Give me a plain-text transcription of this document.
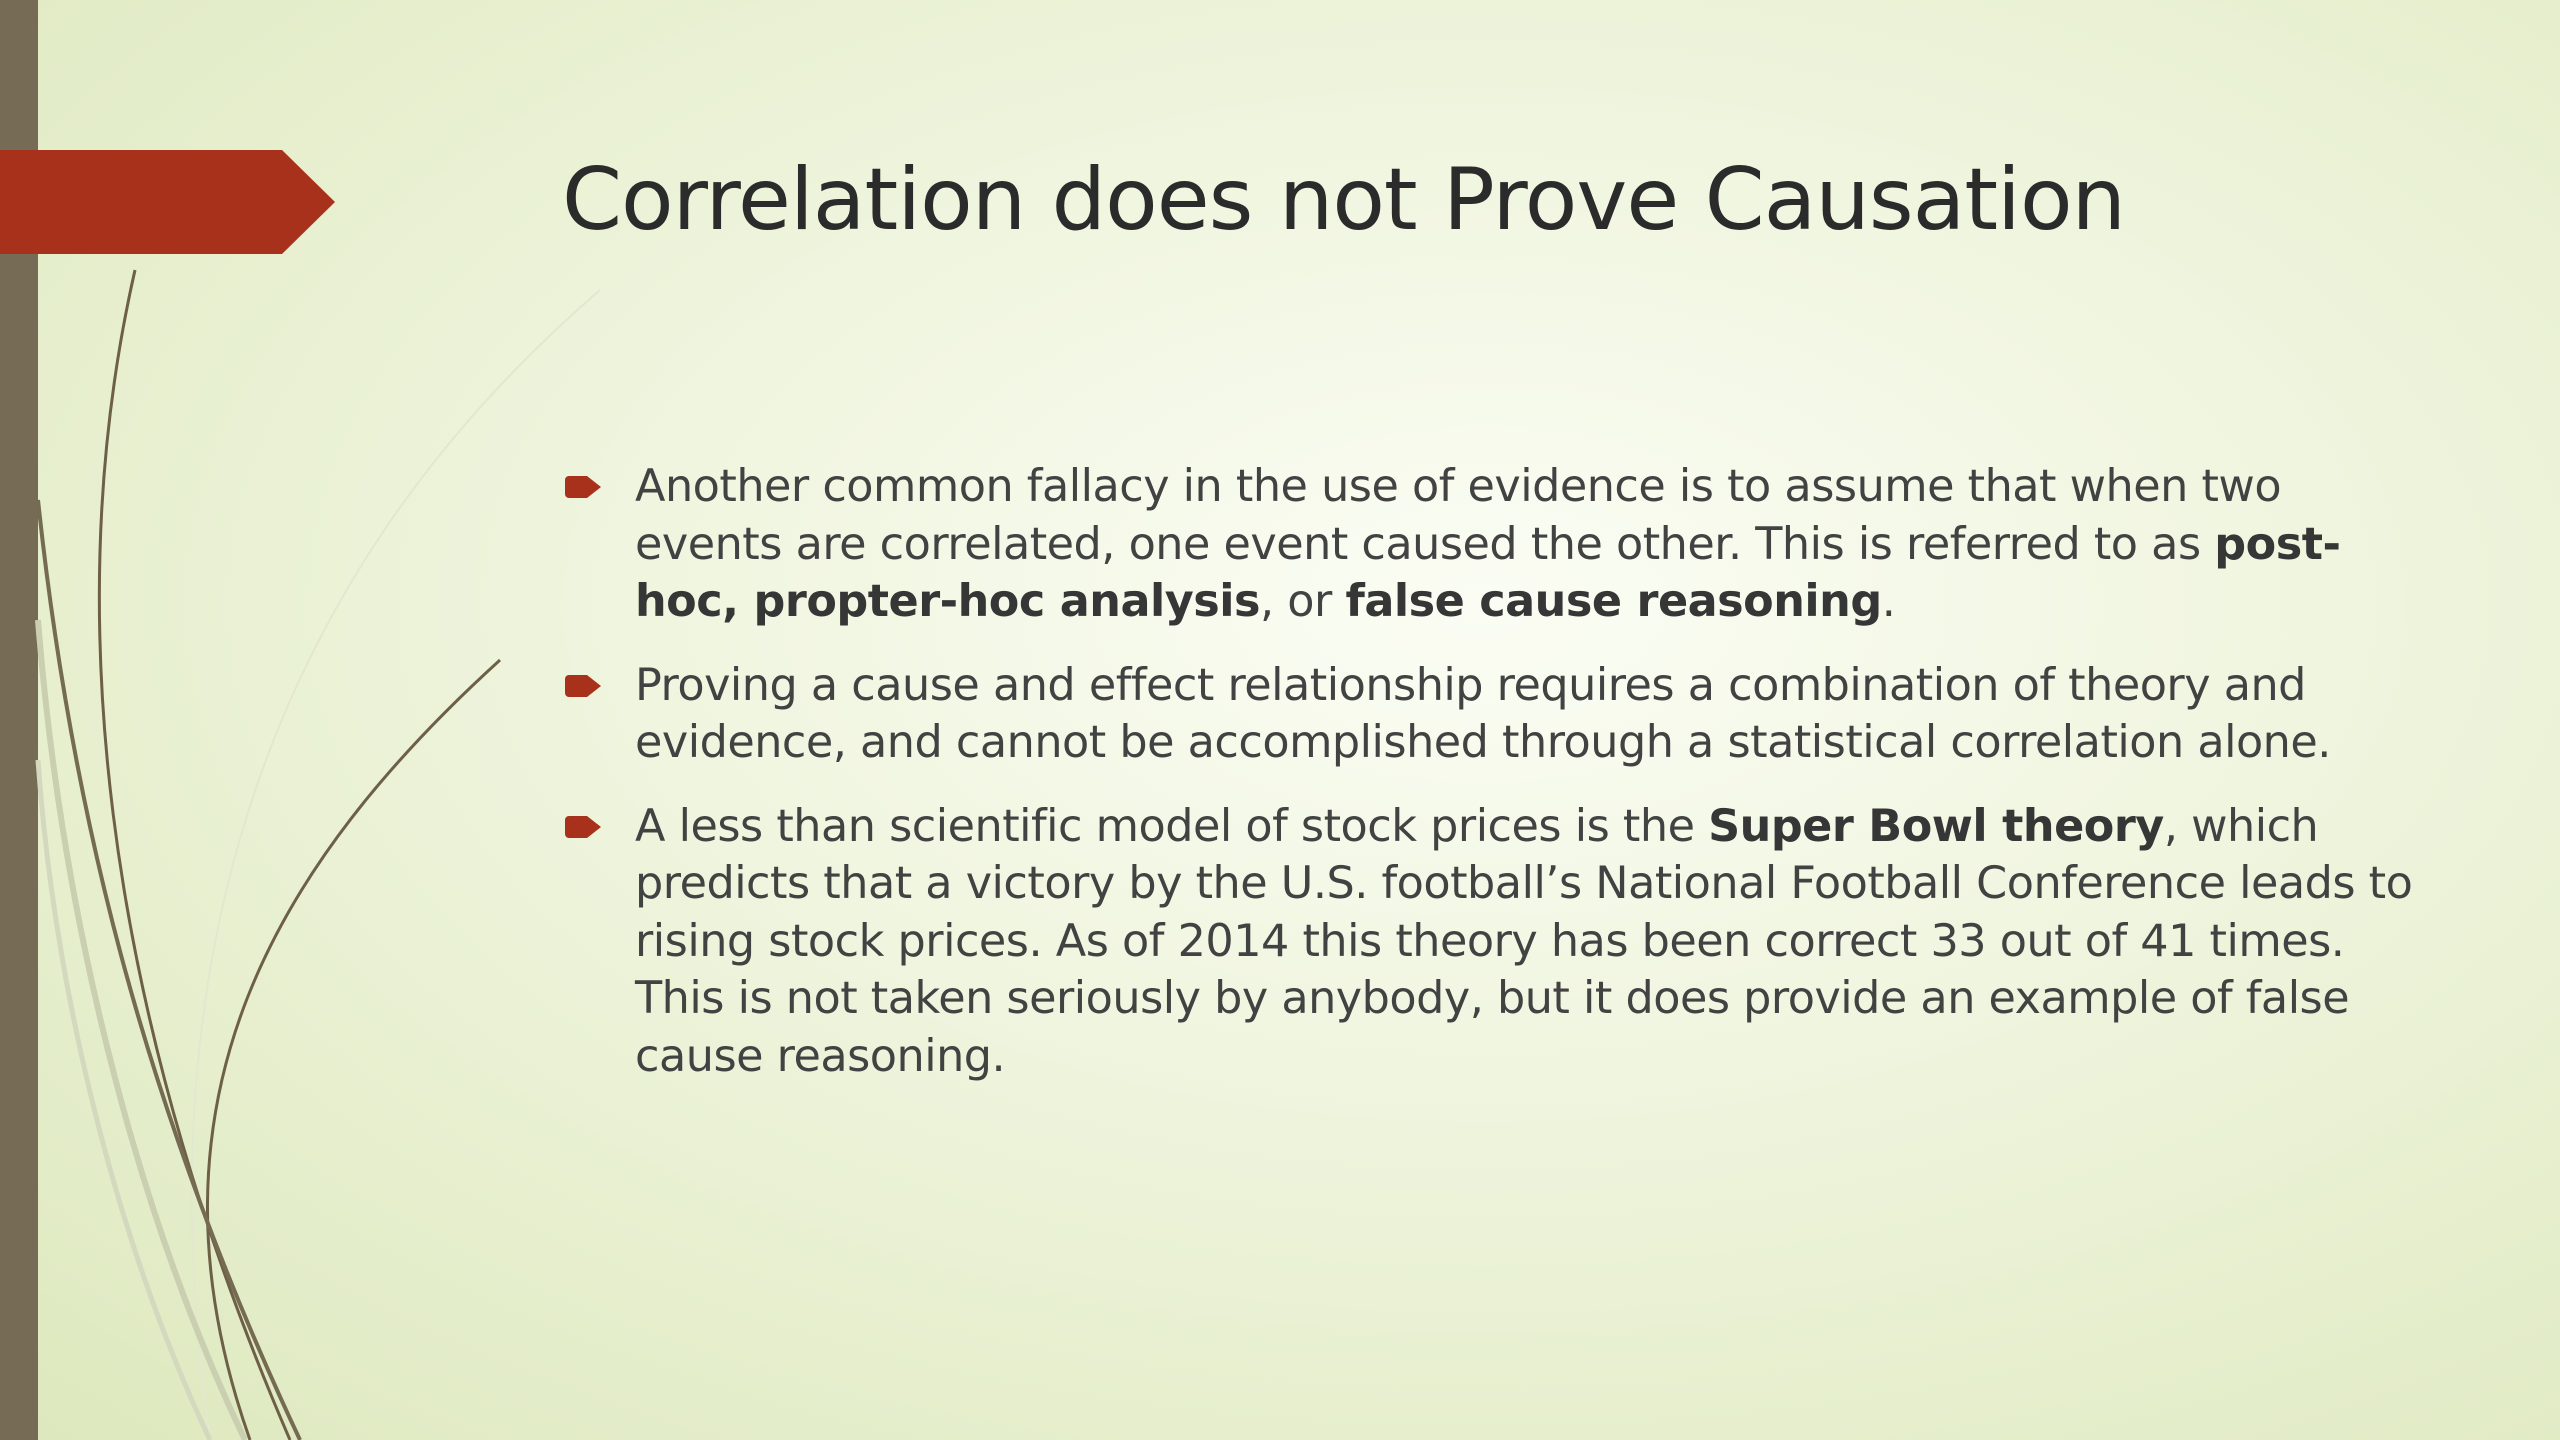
Correlation does not Prove Causation
Another common fallacy in the use of evidence is to assume that when two events are correlated, one event caused the other. This is referred to as post-hoc, propter-hoc analysis, or false cause reasoning.
Proving a cause and effect relationship requires a combination of theory and evidence, and cannot be accomplished through a statistical correlation alone.
A less than scientific model of stock prices is the Super Bowl theory, which predicts that a victory by the U.S. football’s National Football Conference leads to rising stock prices. As of 2014 this theory has been correct 33 out of 41 times. This is not taken seriously by anybody, but it does provide an example of false cause reasoning.
